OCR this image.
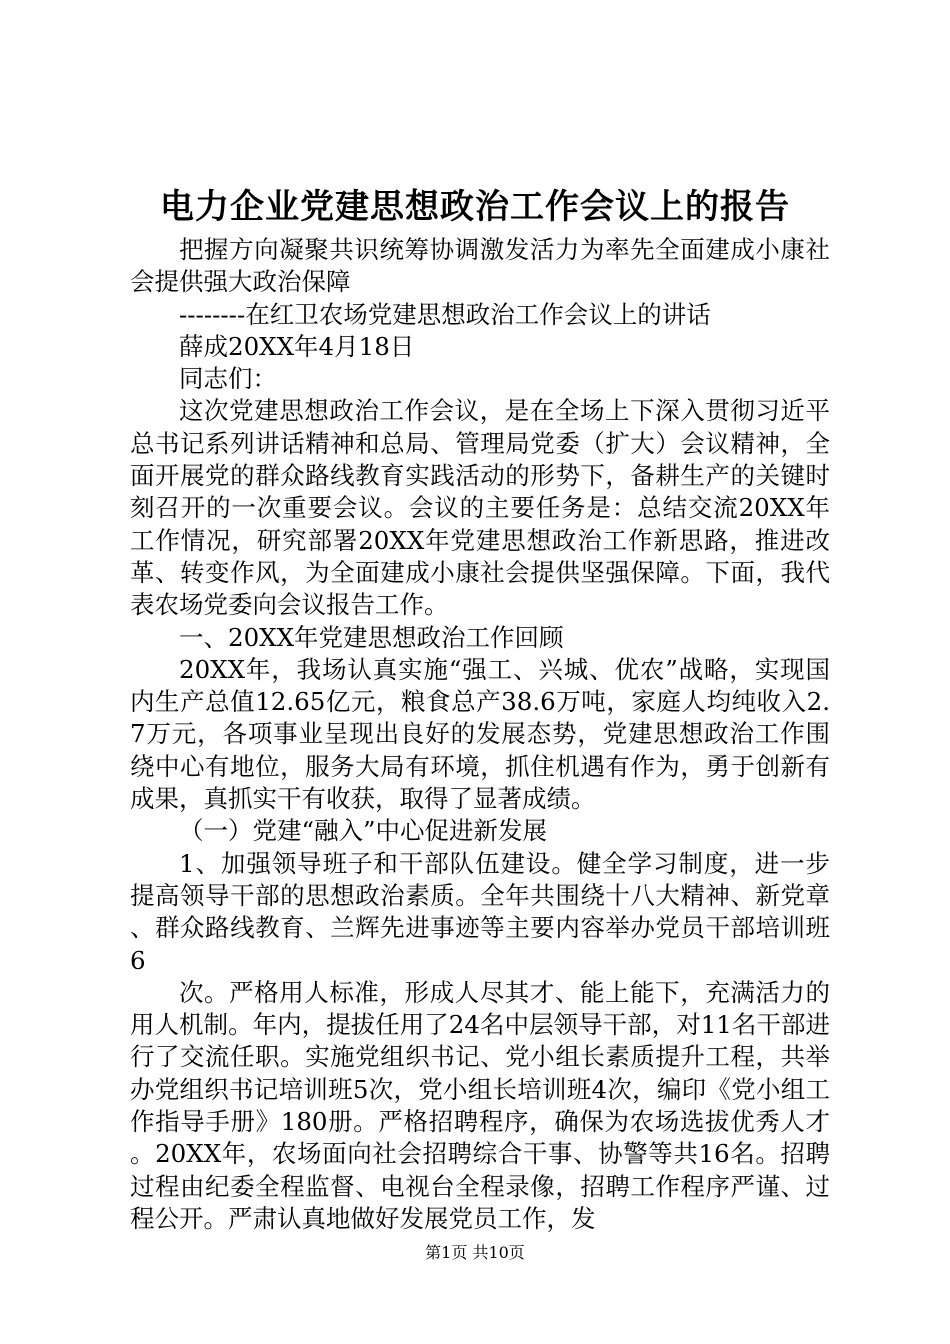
电力企业党建思想政治工作会议上的报告

把握方向凝聚共识统筹协调激发活力为率先全面建成小康社会提供强大政治保障

--------在红卫农场党建思想政治工作会议上的讲话

薛成20XX年4月18日

同志们：

这次党建思想政治工作会议，是在全场上下深入贯彻习近平总书记系列讲话精神和总局、管理局党委（扩大）会议精神，全面开展党的群众路线教育实践活动的形势下，备耕生产的关键时刻召开的一次重要会议。会议的主要任务是：总结交流20XX年工作情况，研究部署20XX年党建思想政治工作新思路，推进改革、转变作风，为全面建成小康社会提供坚强保障。下面，我代表农场党委向会议报告工作。

一、20XX年党建思想政治工作回顾

20XX年，我场认真实施“强工、兴城、优农”战略，实现国内生产总值12.65亿元，粮食总产38.6万吨，家庭人均纯收入2.7万元，各项事业呈现出良好的发展态势，党建思想政治工作围绕中心有地位，服务大局有环境，抓住机遇有作为，勇于创新有成果，真抓实干有收获，取得了显著成绩。

（一）党建“融入”中心促进新发展

1、加强领导班子和干部队伍建设。健全学习制度，进一步提高领导干部的思想政治素质。全年共围绕十八大精神、新党章、群众路线教育、兰辉先进事迹等主要内容举办党员干部培训班6

次。严格用人标准，形成人尽其才、能上能下，充满活力的用人机制。年内，提拔任用了24名中层领导干部，对11名干部进行了交流任职。实施党组织书记、党小组长素质提升工程，共举办党组织书记培训班5次，党小组长培训班4次，编印《党小组工作指导手册》180册。严格招聘程序，确保为农场选拔优秀人才。20XX年，农场面向社会招聘综合干事、协警等共16名。招聘过程由纪委全程监督、电视台全程录像，招聘工作程序严谨、过程公开。严肃认真地做好发展党员工作，发

第1页 共10页
